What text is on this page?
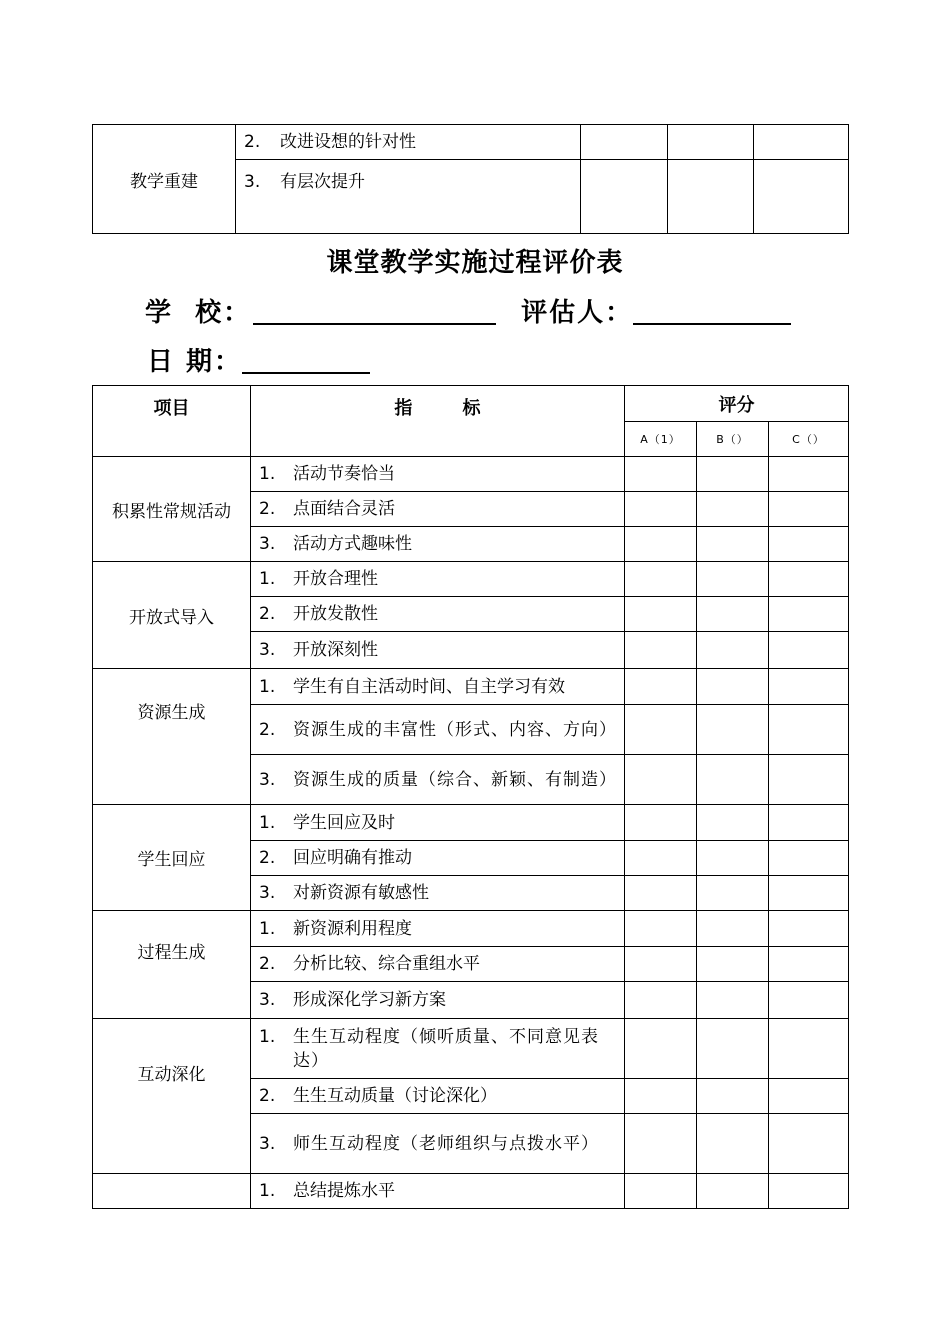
教学重建	2. 改进设想的针对性			
	3. 有层次提升			
课堂教学实施过程评价表
学  校：	评估人：
日 期：
项目	指        标	评分		
		A（1）	B（）	C（）
积累性常规活动	1. 活动节奏恰当			
	2. 点面结合灵活			
	3. 活动方式趣味性			
开放式导入	1. 开放合理性			
	2. 开放发散性			
	3. 开放深刻性			
资源生成	1. 学生有自主活动时间、自主学习有效			

	2. 资源生成的丰富性（形式、内容、方向）			

	3. 资源生成的质量（综合、新颖、有制造）			

学生回应	1. 学生回应及时			
	2. 回应明确有推动			
	3. 对新资源有敏感性			
过程生成	1. 新资源利用程度			
	2. 分析比较、综合重组水平			
	3. 形成深化学习新方案			
互动深化	1. 生生互动程度（倾听质量、不同意见表达）			

	2. 生生互动质量（讨论深化）			

	3. 师生互动程度（老师组织与点拨水平）			

	1. 总结提炼水平			
